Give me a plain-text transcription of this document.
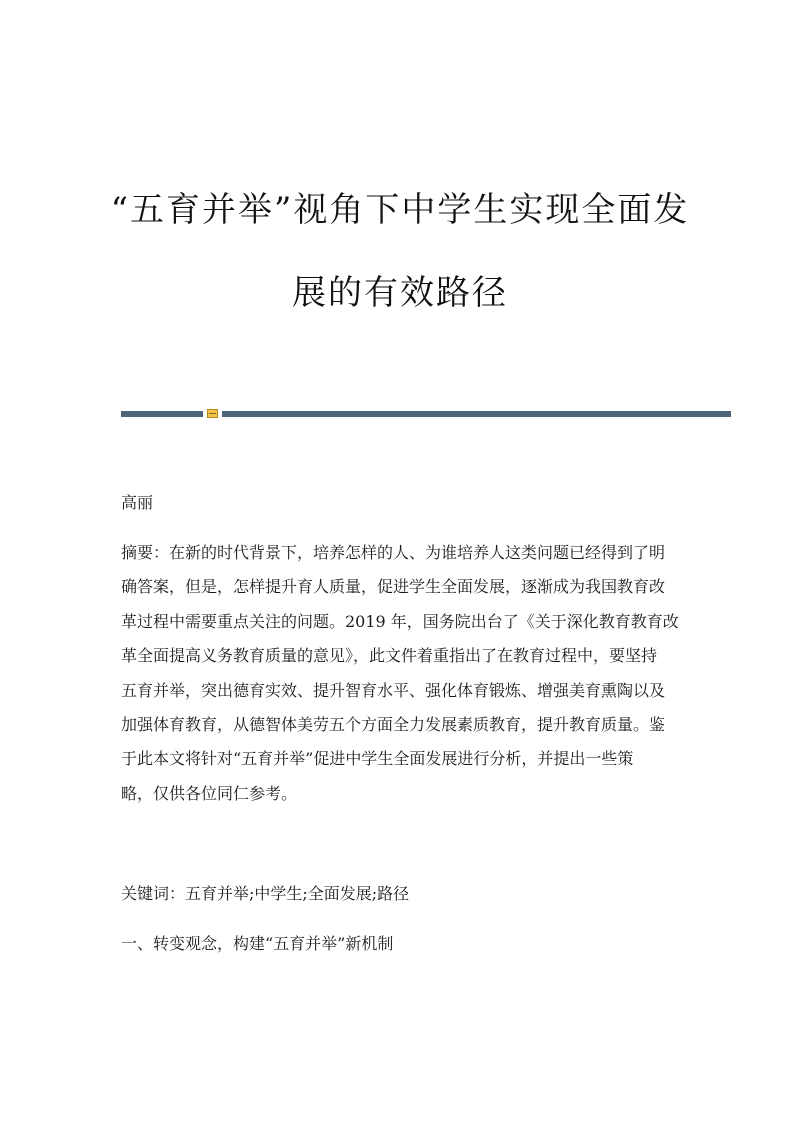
“五育并举”视角下中学生实现全面发
展的有效路径
高丽
摘要：在新的时代背景下，培养怎样的人、为谁培养人这类问题已经得到了明
确答案，但是，怎样提升育人质量，促进学生全面发展，逐渐成为我国教育改
革过程中需要重点关注的问题。2019 年，国务院出台了《关于深化教育教育改
革全面提高义务教育质量的意见》，此文件着重指出了在教育过程中，要坚持
五育并举，突出德育实效、提升智育水平、强化体育锻炼、增强美育熏陶以及
加强体育教育，从德智体美劳五个方面全力发展素质教育，提升教育质量。鉴
于此本文将针对“五育并举”促进中学生全面发展进行分析，并提出一些策
略，仅供各位同仁参考。
关键词：五育并举;中学生;全面发展;路径
一、转变观念，构建“五育并举”新机制
